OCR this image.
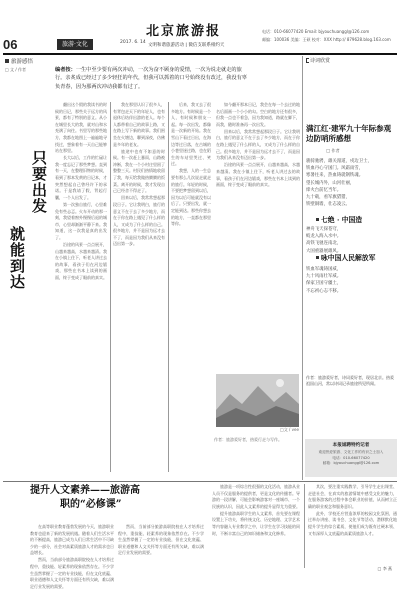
06	旅游·文化	2017. 6. 14
北京旅游报
文明和谐旅游活动 | 微信支联系相约天
电话：010-66077420 Email: bjyouchuanggl@126.com
邮编：100036 美编：王硕 校对：XXX http:// 879628.blog.163.com
旅游感悟
□ 文 / 作者	编者按：一生中至少要有两次冲动，一次为奋不顾身的爱情，一次为说走就走的旅行。亲炙成已经过了多少轻狂的年代，但我可以抓着的口号始终没有改过，我没有辜负青春，因为那两次冲动我都有过了。
只要出发
就能到达

翻出这个假的我读书的时候的日记，那些关于远方的风景，都有了特别的意义。从小在城里长大的我，就对山和水充满了向往。书里写的那些地方，我都在地图上一遍遍地寻找过，想象着有一天自己能够站在那里。

长大以后，工作的忙碌让我一度忘记了那些梦想。直到有一天，在整理旧物的时候，看到了那本发黄的日记本，才突然想起自己曾经许下的承诺。于是我请了假，背起行囊，一个人出发了。

第一次独自旅行，心里难免有些忐忑。火车开动的那一刻，我望着窗外慢慢后退的城市，心里却渐渐平静下来。我知道，这一次我是真的出发了。

沿途的风景一点点展开，山越来越高，水越来越清。我在小镇上住下，听老人讲过去的故事，看孩子们在河边嬉戏，那些在书本上读到的画面，终于变成了眼前的真实。

我在那里认识了很多人，有背包走天下的年轻人，也有退休后结伴出游的老人。每个人都带着自己的故事上路，又在路上写下新的故事。我们围坐在火塘边，聊到深夜，仿佛是多年的老友。

旅途中也有不如意的时候。有一次赶上暴雨，山路被冲断，我在一个小村庄里困了整整三天。村民们热情地收留了我，每天给我做热腾腾的饭菜。离开的时候，我才发现自己已经舍不得走了。

回来以后，我常常想起那段日子。它让我明白，旅行的意义不在于去了多少地方，而在于你在路上遇见了什么样的人，又成为了什么样的自己。很多地方，并不是因为远才去不了，而是因为我们从来没有迈出第一步。

后来，我又去了很多地方。有时候是一个人，有时候和朋友一起。每一次出发，都像是一次新的开始。我在雪山下看过日出，在海边等过日落，在古城的小巷里迷过路，也在陌生的车站里哭过、笑过。

我想，人的一生总要有那么几次说走就走的旅行。年轻的时候，不要把梦想留到以后，因为以后可能就没有以后了。只要出发，就一定能到达。那些你想去的地方，一直都在那里等你。

如今翻开那本日记，我会在每一个去过的地名后面画一个小小的勾。空白的地方还有很多，但我一点也不着急，因为我知道，路就在脚下，而我，随时准备再一次出发。

回来以后，我常常想起那段日子。它让我明白，旅行的意义不在于去了多少地方，而在于你在路上遇见了什么样的人，又成为了什么样的自己。很多地方，并不是因为远才去不了，而是因为我们从来没有迈出第一步。

沿途的风景一点点展开，山越来越高，水越来越清。我在小镇上住下，听老人讲过去的故事，看孩子们在河边嬉戏，那些在书本上读到的画面，终于变成了眼前的真实。

□文 / vee
作者：旅游爱好者，热爱行走与写作。
诗词欣赏
满江红·建军九十年际参观边防哨所感想
□ 作者
骏骑驰骋，雄关漫道，戍边卫士，
铁血丹心守国门。风霜雨雪，
寒暑往来，热血铸就钢铁魂。
望长城内外，山河壮丽，
烽火台前忆当年。
九十载，看军旗猎猎，
铁壁铜墙，壮志凌云。
七绝 · 中国造
神舟飞天探苍穹，
蛟龙入海入水中。
高铁飞驰连南北，
大国重器展雄风。
咏中国人民解放军
铁血军魂铸国威，
九十风雨壮军威。
保家卫国守疆土，
不忘初心志不移。
作者：旅游爱好者，诗词爱好者，现居北京。热爱祖国山河，常以诗词记录旅途所见所闻。
本报诚聘特约记者
欢迎热爱旅游、文化工作的有识之士加入
电话：010-66077420
邮箱：bjyouchuanggl@126.com
提升人文素养——旅游高
职的“必修课”

在高等职业教育蓬勃发展的今天，旅游职业教育也迎来了新的发展机遇。随着人们生活水平的不断提高，旅游已成为人们日常生活中不可缺少的一部分，社会对高素质旅游人才的需求也日益增长。

然而，当前部分旅游高职院校在人才培养过程中，重技能、轻素养的现象依然存在。不少学生虽然掌握了一定的专业技能，但在文化底蕴、职业道德和人文关怀等方面还有所欠缺，难以满足行业发展的需要。

然而，当前部分旅游高职院校在人才培养过程中，重技能、轻素养的现象依然存在。不少学生虽然掌握了一定的专业技能，但在文化底蕴、职业道德和人文关怀等方面还有所欠缺，难以满足行业发展的需要。

旅游是一项综合性很强的文化活动，旅游从业人员不仅是服务的提供者，更是文化的传播者。导游的一段讲解，可能会影响游客对一座城市、一个民族的认识，因此人文素养的提升显得尤为重要。

提升旅游高职学生的人文素养，首先要在课程设置上下功夫，将传统文化、历史地理、文学艺术等内容融入专业教学之中，让学生在学习技能的同时，不断丰富自己的知识储备和文化修养。

其次，要注重实践教学，引导学生走出课堂、走进社会，在真实的旅游情境中感受文化的魅力，在服务游客的过程中体会职业的价值，从而树立正确的职业观念和服务意识。

此外，学校还应营造浓厚的校园文化氛围，通过举办讲座、读书会、文化节等活动，潜移默化地提升学生的综合素质，使他们成为既有过硬本领、又有深厚人文底蕴的高素质旅游人才。

□ 李 燕
